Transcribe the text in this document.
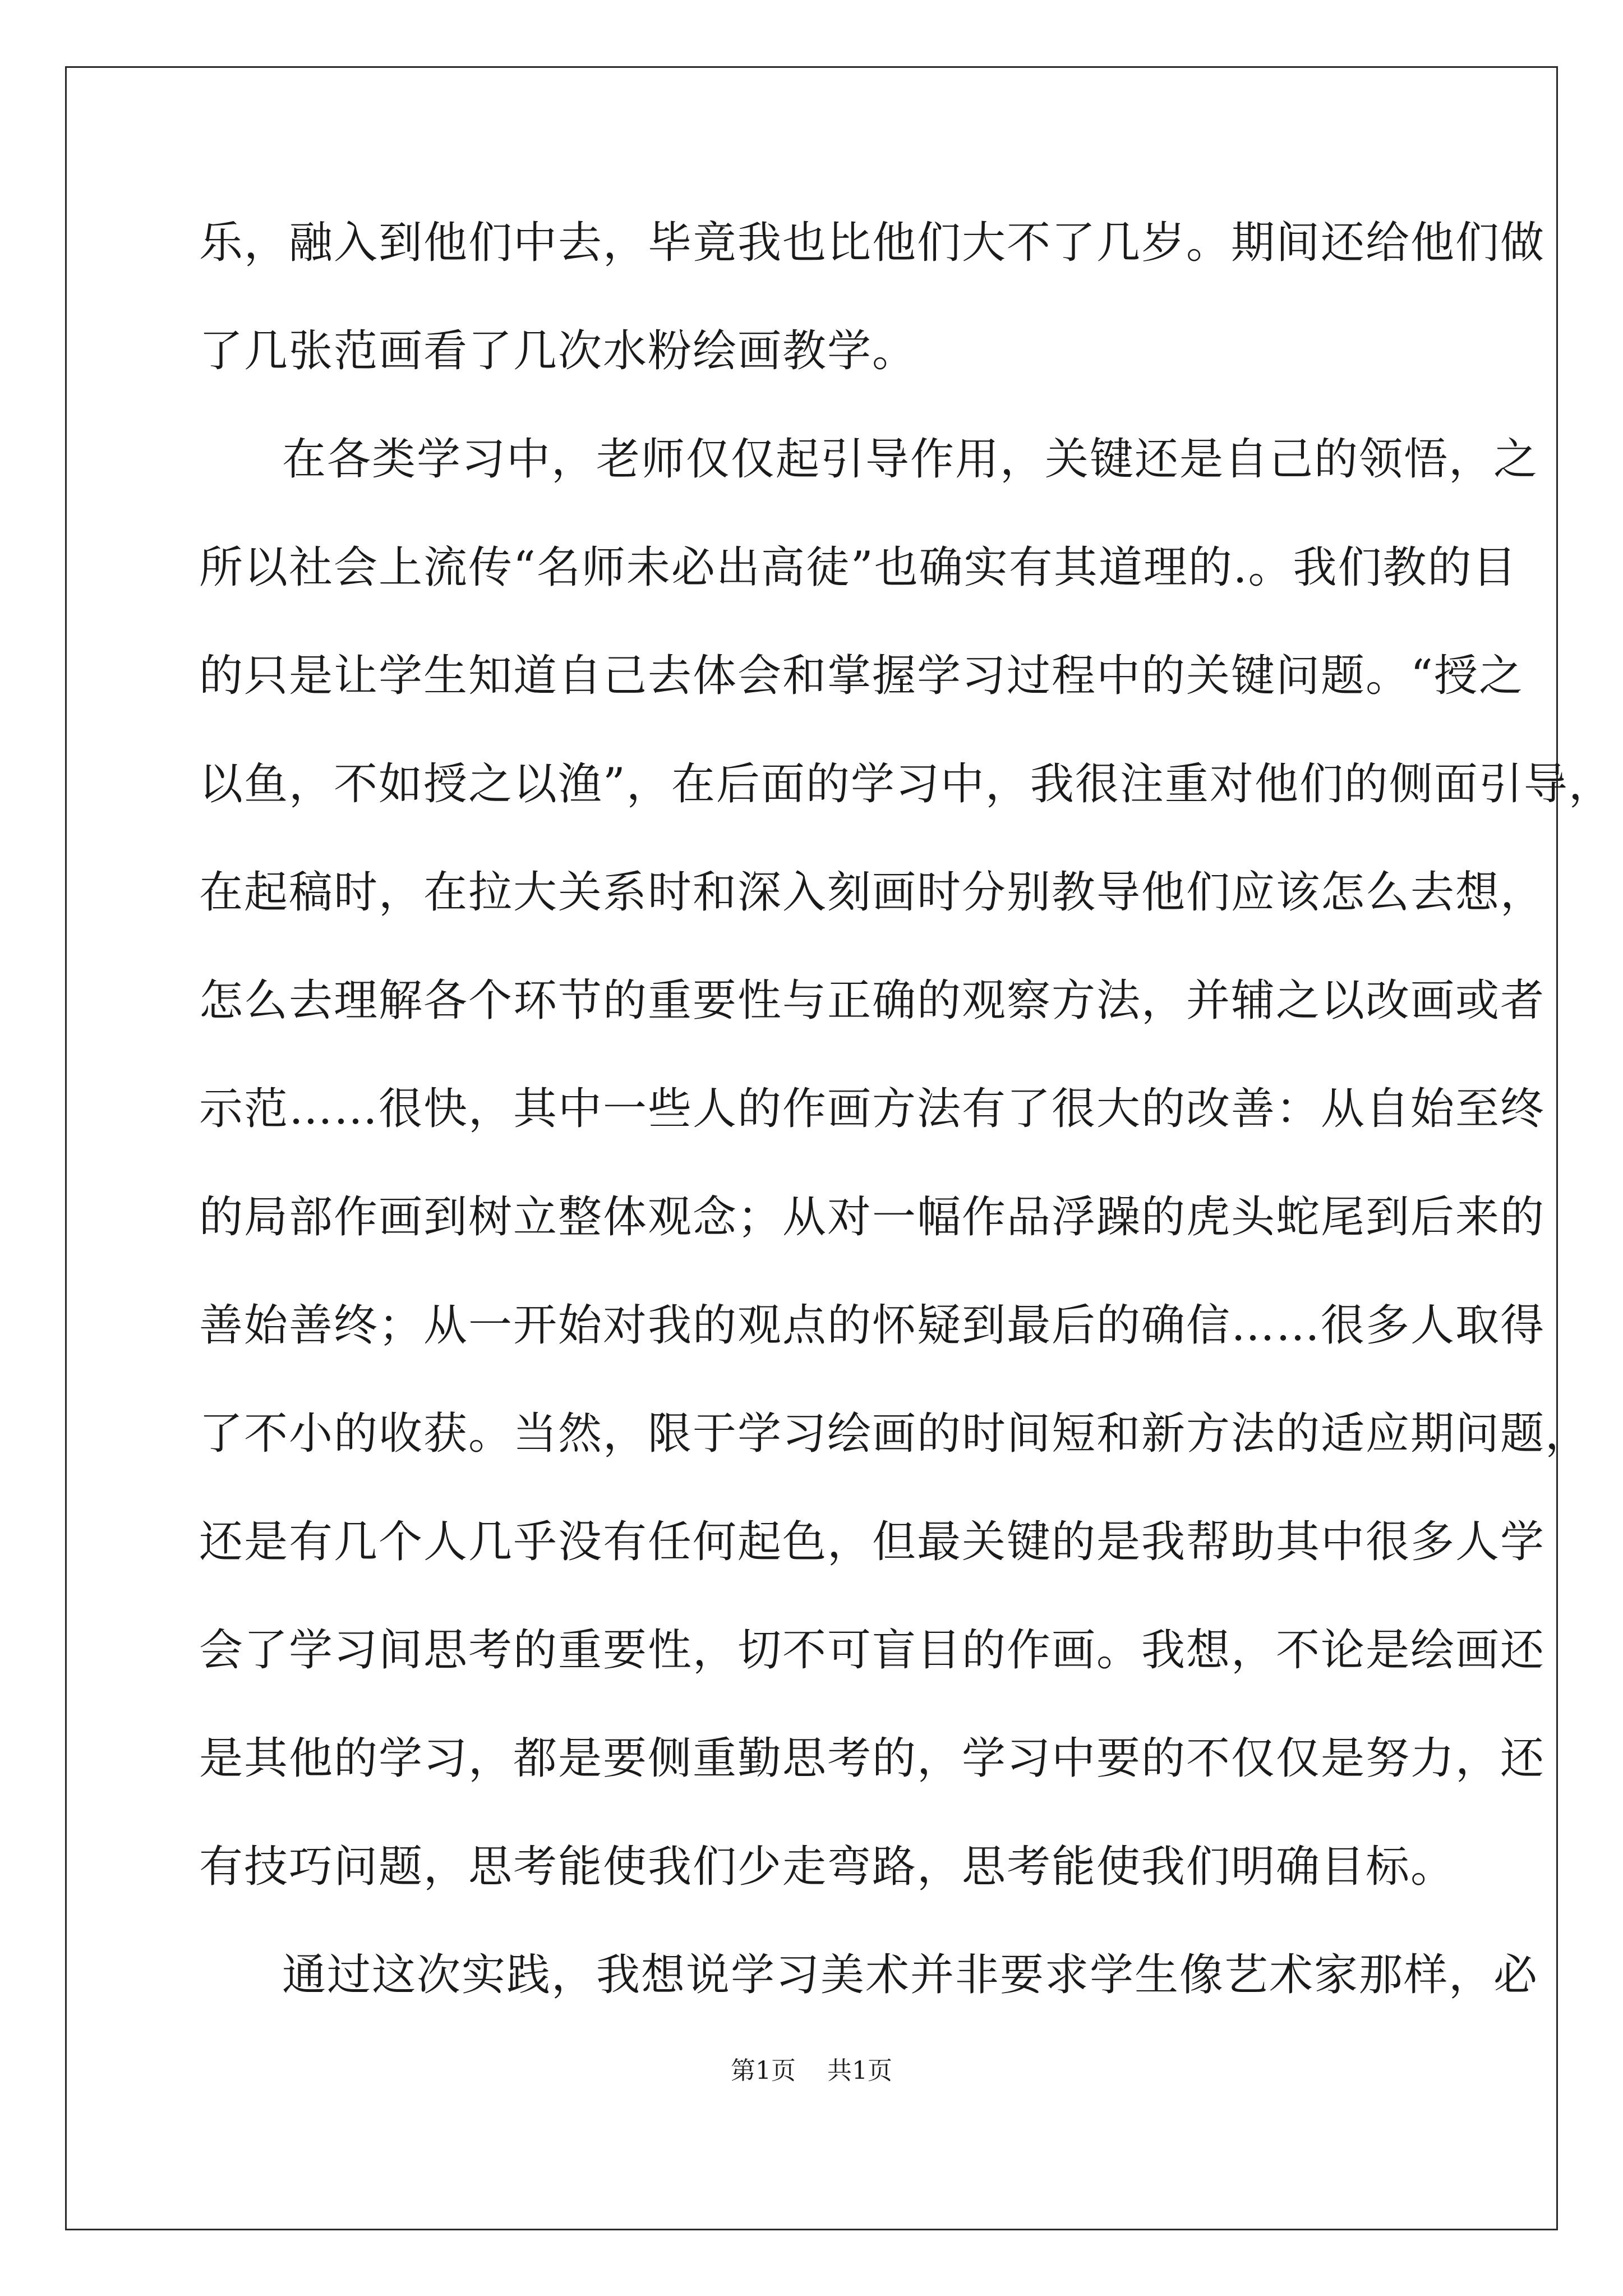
乐，融入到他们中去，毕竟我也比他们大不了几岁。期间还给他们做
了几张范画看了几次水粉绘画教学。
在各类学习中，老师仅仅起引导作用，关键还是自己的领悟，之
所以社会上流传“名师未必出高徒”也确实有其道理的.。我们教的目
的只是让学生知道自己去体会和掌握学习过程中的关键问题。“授之
以鱼，不如授之以渔”，在后面的学习中，我很注重对他们的侧面引导，
在起稿时，在拉大关系时和深入刻画时分别教导他们应该怎么去想，
怎么去理解各个环节的重要性与正确的观察方法，并辅之以改画或者
示范……很快，其中一些人的作画方法有了很大的改善：从自始至终
的局部作画到树立整体观念；从对一幅作品浮躁的虎头蛇尾到后来的
善始善终；从一开始对我的观点的怀疑到最后的确信……很多人取得
了不小的收获。当然，限于学习绘画的时间短和新方法的适应期问题，
还是有几个人几乎没有任何起色，但最关键的是我帮助其中很多人学
会了学习间思考的重要性，切不可盲目的作画。我想，不论是绘画还
是其他的学习，都是要侧重勤思考的，学习中要的不仅仅是努力，还
有技巧问题，思考能使我们少走弯路，思考能使我们明确目标。
通过这次实践，我想说学习美术并非要求学生像艺术家那样，必
第1页 共1页
